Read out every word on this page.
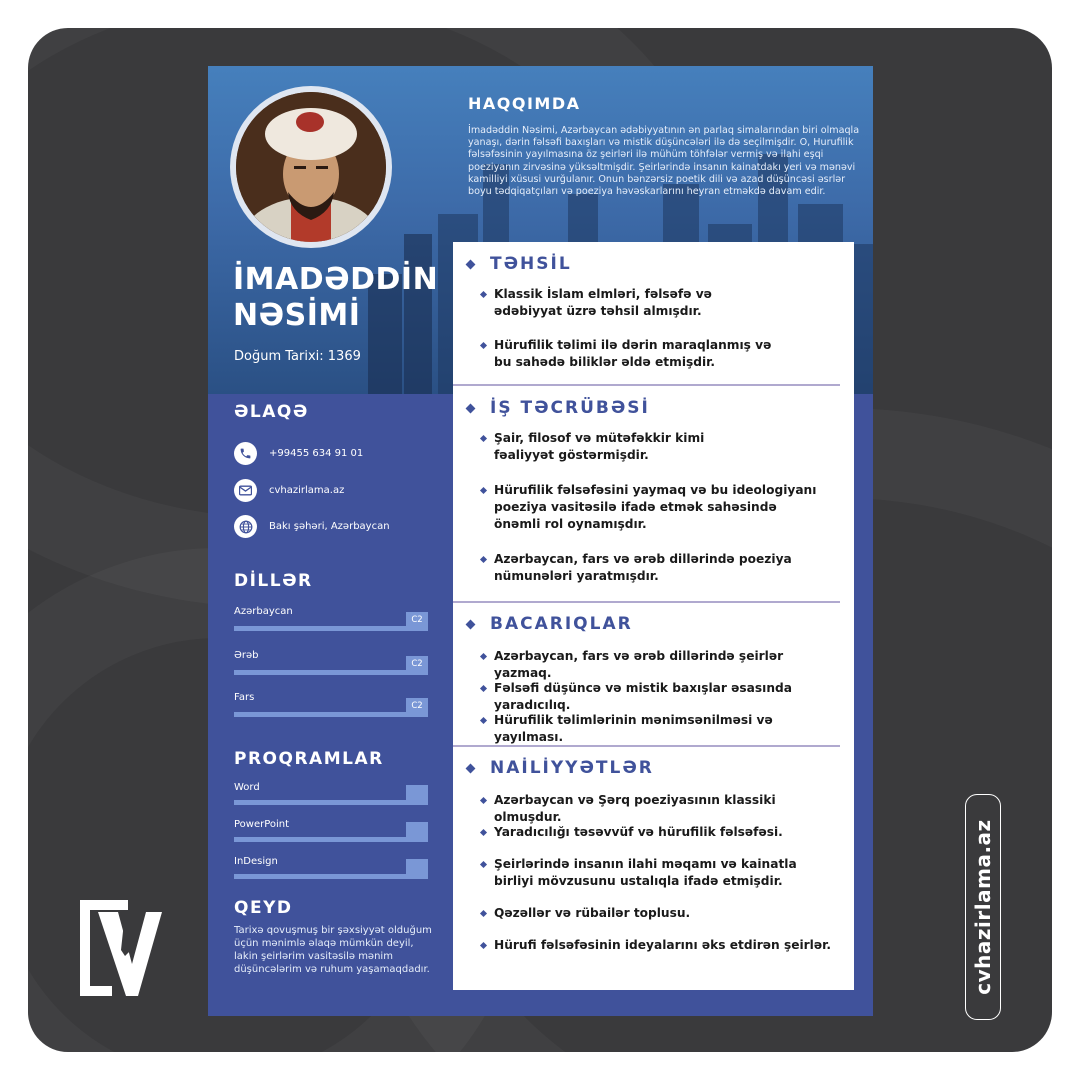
cvhazirlama.az
İMADƏDDİN
NƏSİMİ
Doğum Tarixi: 1369
HAQQIMDA
İmadəddin Nəsimi, Azərbaycan ədəbiyyatının ən parlaq simalarından biri olmaqla yanaşı, dərin fəlsəfi baxışları və mistik düşüncələri ilə də seçilmişdir. O, Hurufilik fəlsəfəsinin yayılmasına öz şeirləri ilə mühüm töhfələr vermiş və ilahi eşqi poeziyanın zirvəsinə yüksəltmişdir. Şeirlərində insanın kainatdakı yeri və mənəvi kamilliyi xüsusi vurğulanır. Onun bənzərsiz poetik dili və azad düşüncəsi əsrlər boyu tədqiqatçıları və poeziya həvəskarlarını heyran etməkdə davam edir.
ƏLAQƏ
+99455 634 91 01
cvhazirlama.az
Bakı şəhəri, Azərbaycan
DİLLƏR
Azərbaycan
C2
Ərəb
C2
Fars
C2
PROQRAMLAR
Word
PowerPoint
InDesign
QEYD
Tarixə qovuşmuş bir şəxsiyyət olduğum üçün mənimlə əlaqə mümkün deyil, lakin şeirlərim vasitəsilə mənim düşüncələrim və ruhum yaşamaqdadır.
TƏHSİL
Klassik İslam elmləri, fəlsəfə və ədəbiyyat üzrə təhsil almışdır.
Hürufilik təlimi ilə dərin maraqlanmış və bu sahədə biliklər əldə etmişdir.
İŞ TƏCRÜBƏSİ
Şair, filosof və mütəfəkkir kimi fəaliyyət göstərmişdir.
Hürufilik fəlsəfəsini yaymaq və bu ideologiyanı poeziya vasitəsilə ifadə etmək sahəsində önəmli rol oynamışdır.
Azərbaycan, fars və ərəb dillərində poeziya nümunələri yaratmışdır.
BACARIQLAR
Azərbaycan, fars və ərəb dillərində şeirlər yazmaq.
Fəlsəfi düşüncə və mistik baxışlar əsasında yaradıcılıq.
Hürufilik təlimlərinin mənimsənilməsi və yayılması.
NAİLİYYƏTLƏR
Azərbaycan və Şərq poeziyasının klassiki olmuşdur.
Yaradıcılığı təsəvvüf və hürufilik fəlsəfəsi.
Şeirlərində insanın ilahi məqamı və kainatla birliyi mövzusunu ustalıqla ifadə etmişdir.
Qəzəllər və rübailər toplusu.
Hürufi fəlsəfəsinin ideyalarını əks etdirən şeirlər.
